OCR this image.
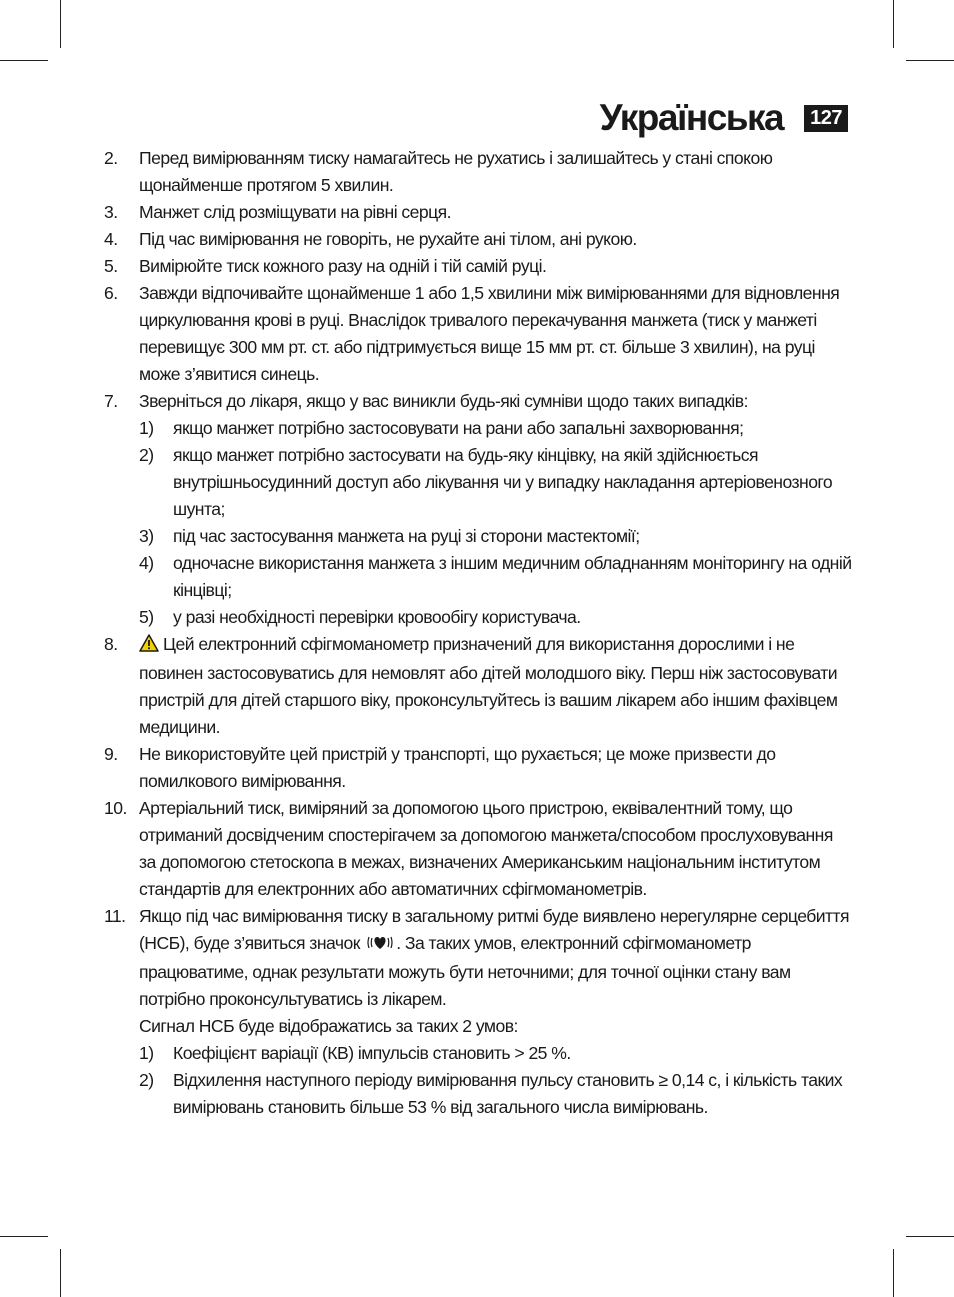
Українська	127
2.	Перед вимірюванням тиску намагайтесь не рухатись і залишайтесь у стані спокою щонайменше протягом 5 хвилин.
3.	Манжет слід розміщувати на рівні серця.
4.	Під час вимірювання не говоріть, не рухайте ані тілом, ані рукою.
5.	Вимірюйте тиск кожного разу на одній і тій самій руці.
6.	Завжди відпочивайте щонайменше 1 або 1,5 хвилини між вимірюваннями для відновлення циркулювання крові в руці. Внаслідок тривалого перекачування манжета (тиск у манжеті перевищує 300 мм рт. ст. або підтримується вище 15 мм рт. ст. більше 3 хвилин), на руці може з’явитися синець.
7.	Зверніться до лікаря, якщо у вас виникли будь-які сумніви щодо таких випадків:
1)	якщо манжет потрібно застосовувати на рани або запальні захворювання;
2)	якщо манжет потрібно застосувати на будь-яку кінцівку, на якій здійснюється внутрішньосудинний доступ або лікування чи у випадку накладання артеріовенозного шунта;
3)	під час застосування манжета на руці зі сторони мастектомії;
4)	одночасне використання манжета з іншим медичним обладнанням моніторингу на одній кінцівці;
5)	у разі необхідності перевірки кровообігу користувача.
8.	Цей електронний сфігмоманометр призначений для використання дорослими і не повинен застосовуватись для немовлят або дітей молодшого віку. Перш ніж застосовувати пристрій для дітей старшого віку, проконсультуйтесь із вашим лікарем або іншим фахівцем медицини.
9.	Не використовуйте цей пристрій у транспорті, що рухається; це може призвести до помилкового вимірювання.
10. Артеріальний тиск, виміряний за допомогою цього пристрою, еквівалентний тому, що отриманий досвідченим спостерігачем за допомогою манжета/способом прослуховування за допомогою стетоскопа в межах, визначених Американським національним інститутом стандартів для електронних або автоматичних сфігмоманометрів.
11. Якщо під час вимірювання тиску в загальному ритмі буде виявлено нерегулярне серцебиття (НСБ), буде з’явиться значок . За таких умов, електронний сфігмоманометр працюватиме, однак результати можуть бути неточними; для точної оцінки стану вам потрібно проконсультуватись із лікарем.
Сигнал НСБ буде відображатись за таких 2 умов:
1)	Коефіцієнт варіації (КВ) імпульсів становить > 25 %.
2)	Відхилення наступного періоду вимірювання пульсу становить ≥ 0,14 с, і кількість таких вимірювань становить більше 53 % від загального числа вимірювань.
